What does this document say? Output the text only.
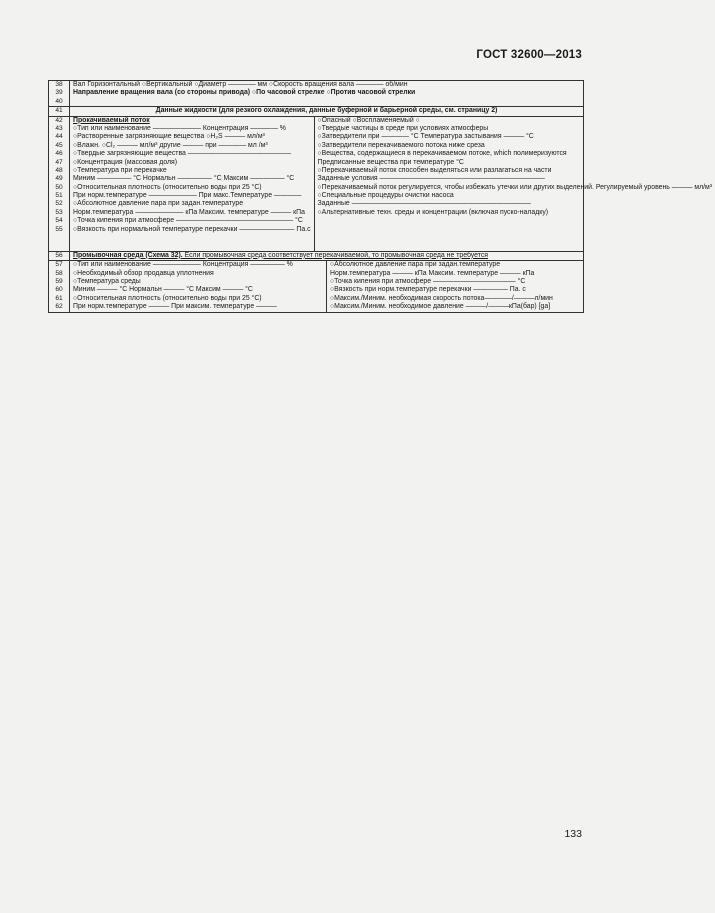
ГОСТ 32600—2013
38
39
40
Вал Горизонтальный ○Вертикальный ○Диаметр ———— мм ○Скорость вращения вала ———— об/мин
Направление вращения вала (со стороны привода) ○По часовой стрелке ○Против часовой стрелки
41	Данные жидкости (для резкого охлаждения, данные буферной и барьерной среды, см. страницу 2)
42
43
44
45
46
47
48
49
50
51
52
53
54
55
Прокачиваемый поток
○Тип или наименование ——————— Концентрация ———— %
○Растворенные загрязняющие вещества ○H₂S ——— мл/м³
○Влажн. ○Cl₂ ——— мл/м³ другие ——— при ———— мл /м³
○Твердые загрязняющие вещества ———————————————
○Концентрация (массовая доля)
○Температура при перекачке
Миним ————— °С Нормальн ————— °С Максим ————— °С
○Относительная плотность (относительно воды при 25 °С)
При норм.температуре ——————— При макс.Температуре ————
○Абсолютное давление пара при задан.температуре
Норм.температура ——————— кПа Максим. температуре ——— кПа
○Точка кипения при атмосфере ————————————————— °С
○Вязкость при нормальной температуре перекачки ———————— Па.с
○Опасный ○Воспламеняемый ○
○Твердые частицы в среде при условиях атмосферы
○Затвердители при ———— °С Температура застывания ——— °С
○Затвердители перекачиваемого потока ниже среза
○Вещества, содержащиеся в перекачиваемом потоке, which полимеризуются
Предписанные вещества при температуре °С
○Перекачиваемый поток способен выделяться или разлагаться на части
Заданные условия ————————————————————————
○Перекачиваемый поток регулируется, чтобы избежать утечки или других выделений. Регулируемый уровень ——— мл/м³
○Специальные процедуры очистки насоса
Заданные ——————————————————————————
○Альтернативные техн. среды и концентрации (включая пуско-наладку)
56	Промывочная среда (Схема 32). Если промывочная среда соответствует перекачиваемой, то промывочная среда не требуется
57
58
59
60
61
62
○Тип или наименование ——————— Концентрация ————— %
○Необходимый обзор продавца уплотнения
○Температура среды
Миним ——— °С Нормальн ——— °С Максим ——— °С
○Относительная плотность (относительно воды при 25 °С)
При норм.температуре ——— При максим. температуре ———
○Абсолютное давление пара при задан.температуре
Норм.температура ——— кПа Максим. температуре ——— кПа
○Точка кипения при атмосфере ———————————— °С
○Вязкость при норм.температуре перекачки ————— Па. с
○Максим./Миним. необходимая скорость потока————/———л/мин
○Максим./Миним. необходимое давление ———/———кПа(бар) [ga]
133
